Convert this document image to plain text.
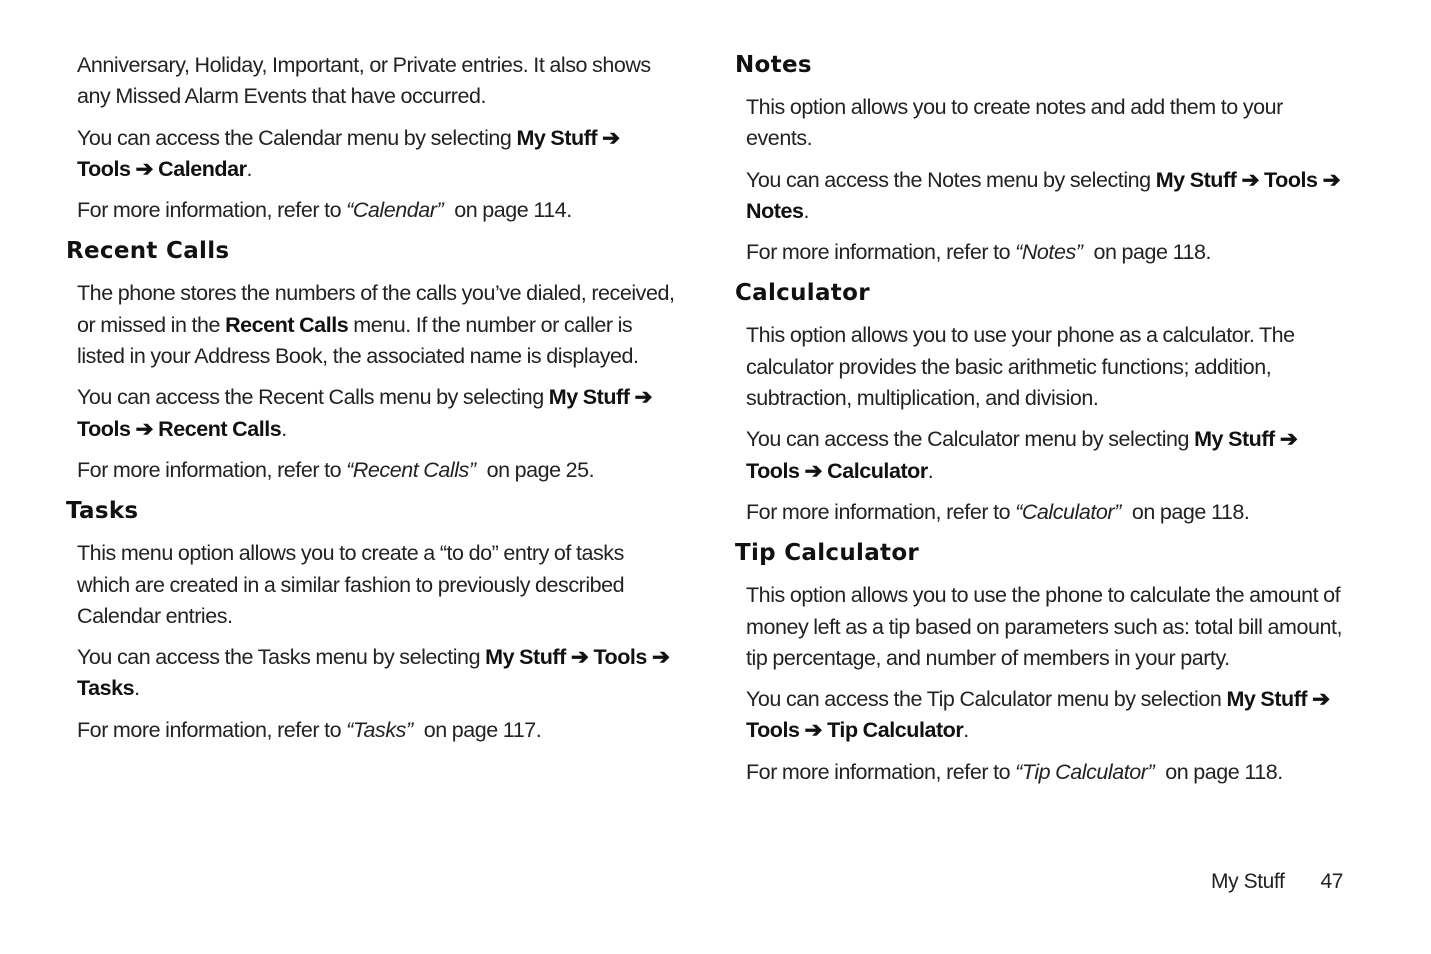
Anniversary, Holiday, Important, or Private entries. It also shows any Missed Alarm Events that have occurred.

You can access the Calendar menu by selecting My Stuff ➔
Tools ➔ Calendar.

For more information, refer to “Calendar” on page 114.

Recent Calls

The phone stores the numbers of the calls you’ve dialed, received, or missed in the Recent Calls menu. If the number or caller is listed in your Address Book, the associated name is displayed.

You can access the Recent Calls menu by selecting My Stuff ➔
Tools ➔ Recent Calls.

For more information, refer to “Recent Calls” on page 25.

Tasks

This menu option allows you to create a “to do” entry of tasks which are created in a similar fashion to previously described Calendar entries.

You can access the Tasks menu by selecting My Stuff ➔ Tools ➔
Tasks.

For more information, refer to “Tasks” on page 117.

Notes

This option allows you to create notes and add them to your events.

You can access the Notes menu by selecting My Stuff ➔ Tools ➔
Notes.

For more information, refer to “Notes” on page 118.

Calculator

This option allows you to use your phone as a calculator. The calculator provides the basic arithmetic functions; addition, subtraction, multiplication, and division.

You can access the Calculator menu by selecting My Stuff ➔
Tools ➔ Calculator.

For more information, refer to “Calculator” on page 118.

Tip Calculator

This option allows you to use the phone to calculate the amount of money left as a tip based on parameters such as: total bill amount, tip percentage, and number of members in your party.

You can access the Tip Calculator menu by selection My Stuff ➔
Tools ➔ Tip Calculator.

For more information, refer to “Tip Calculator” on page 118.

My Stuff 47
